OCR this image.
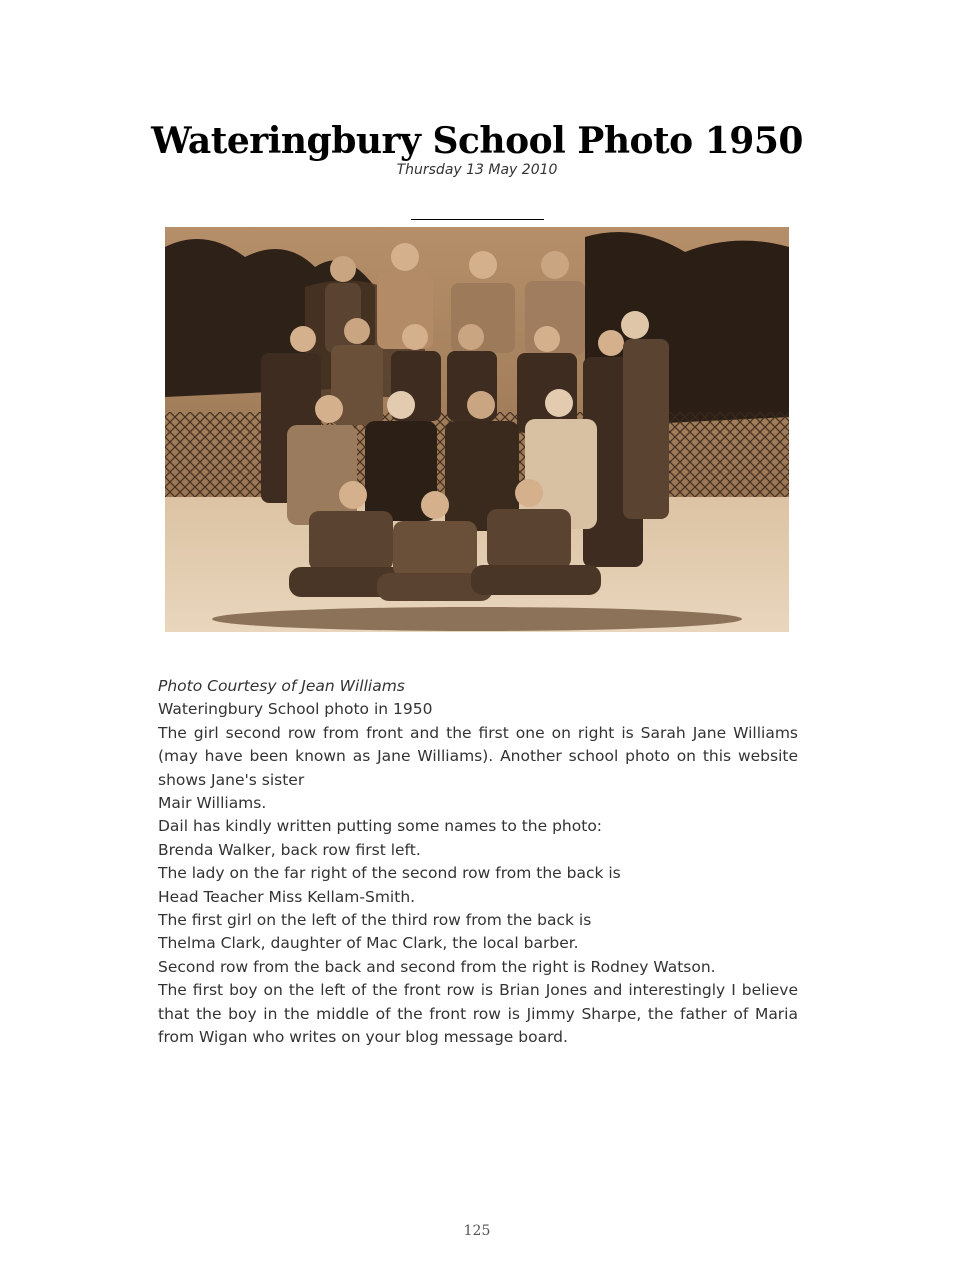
Wateringbury School Photo 1950
Thursday 13 May 2010

Photo Courtesy of Jean Williams

Wateringbury School photo in 1950

The girl second row from front and the first one on right is Sarah Jane Williams (may have been known as Jane Williams). Another school photo on this website shows Jane's sister

Mair Williams.

Dail has kindly written putting some names to the photo:

Brenda Walker, back row first left.

The lady on the far right of the second row from the back is

Head Teacher Miss Kellam-Smith.

The first girl on the left of the third row from the back is

Thelma Clark, daughter of Mac Clark, the local barber.

Second row from the back and second from the right is Rodney Watson.

The first boy on the left of the front row is Brian Jones and interestingly I believe that the boy in the middle of the front row is Jimmy Sharpe, the father of Maria from Wigan who writes on your blog message board.

125
